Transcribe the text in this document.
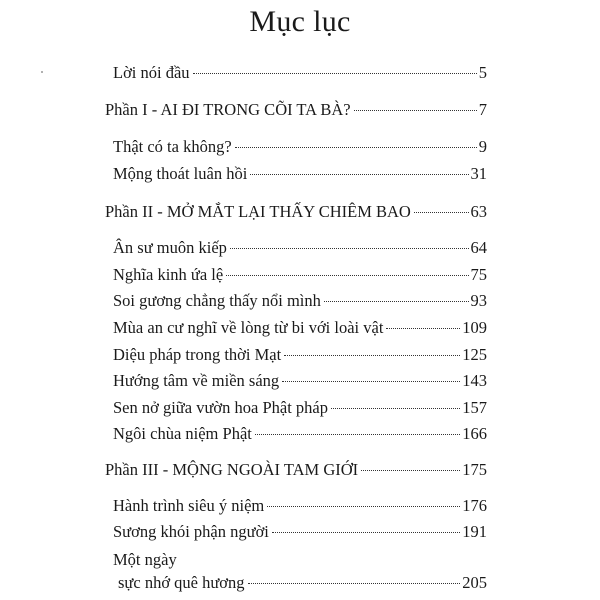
Mục lục
Lời nói đầu	5
Phần I - AI ĐI TRONG CÕI TA BÀ?	7
Thật có ta không?	9
Mộng thoát luân hồi	31
Phần II - MỞ MẮT LẠI THẤY CHIÊM BAO	63
Ân sư muôn kiếp	64
Nghĩa kinh ứa lệ	75
Soi gương chẳng thấy nổi mình	93
Mùa an cư nghĩ về lòng từ bi với loài vật	109
Diệu pháp trong thời Mạt	125
Hướng tâm về miền sáng	143
Sen nở giữa vườn hoa Phật pháp	157
Ngôi chùa niệm Phật	166
Phần III - MỘNG NGOÀI TAM GIỚI	175
Hành trình siêu ý niệm	176
Sương khói phận người	191
Một ngày
sực nhớ quê hương	205
